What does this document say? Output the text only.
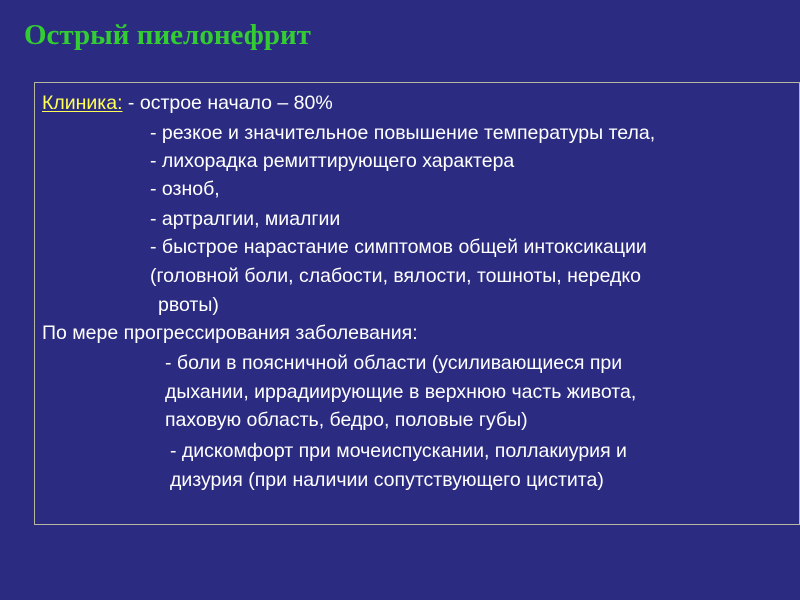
Острый пиелонефрит
Клиника: - острое начало – 80%
- резкое и значительное повышение температуры тела,
- лихорадка ремиттирующего характера
- озноб,
- артралгии, миалгии
- быстрое нарастание симптомов общей интоксикации
(головной боли, слабости, вялости, тошноты, нередко
рвоты)
По мере прогрессирования заболевания:
- боли в поясничной области (усиливающиеся при
дыхании, иррадиирующие в верхнюю часть живота,
паховую область, бедро, половые губы)
- дискомфорт при мочеиспускании, поллакиурия и
дизурия (при наличии сопутствующего цистита)
